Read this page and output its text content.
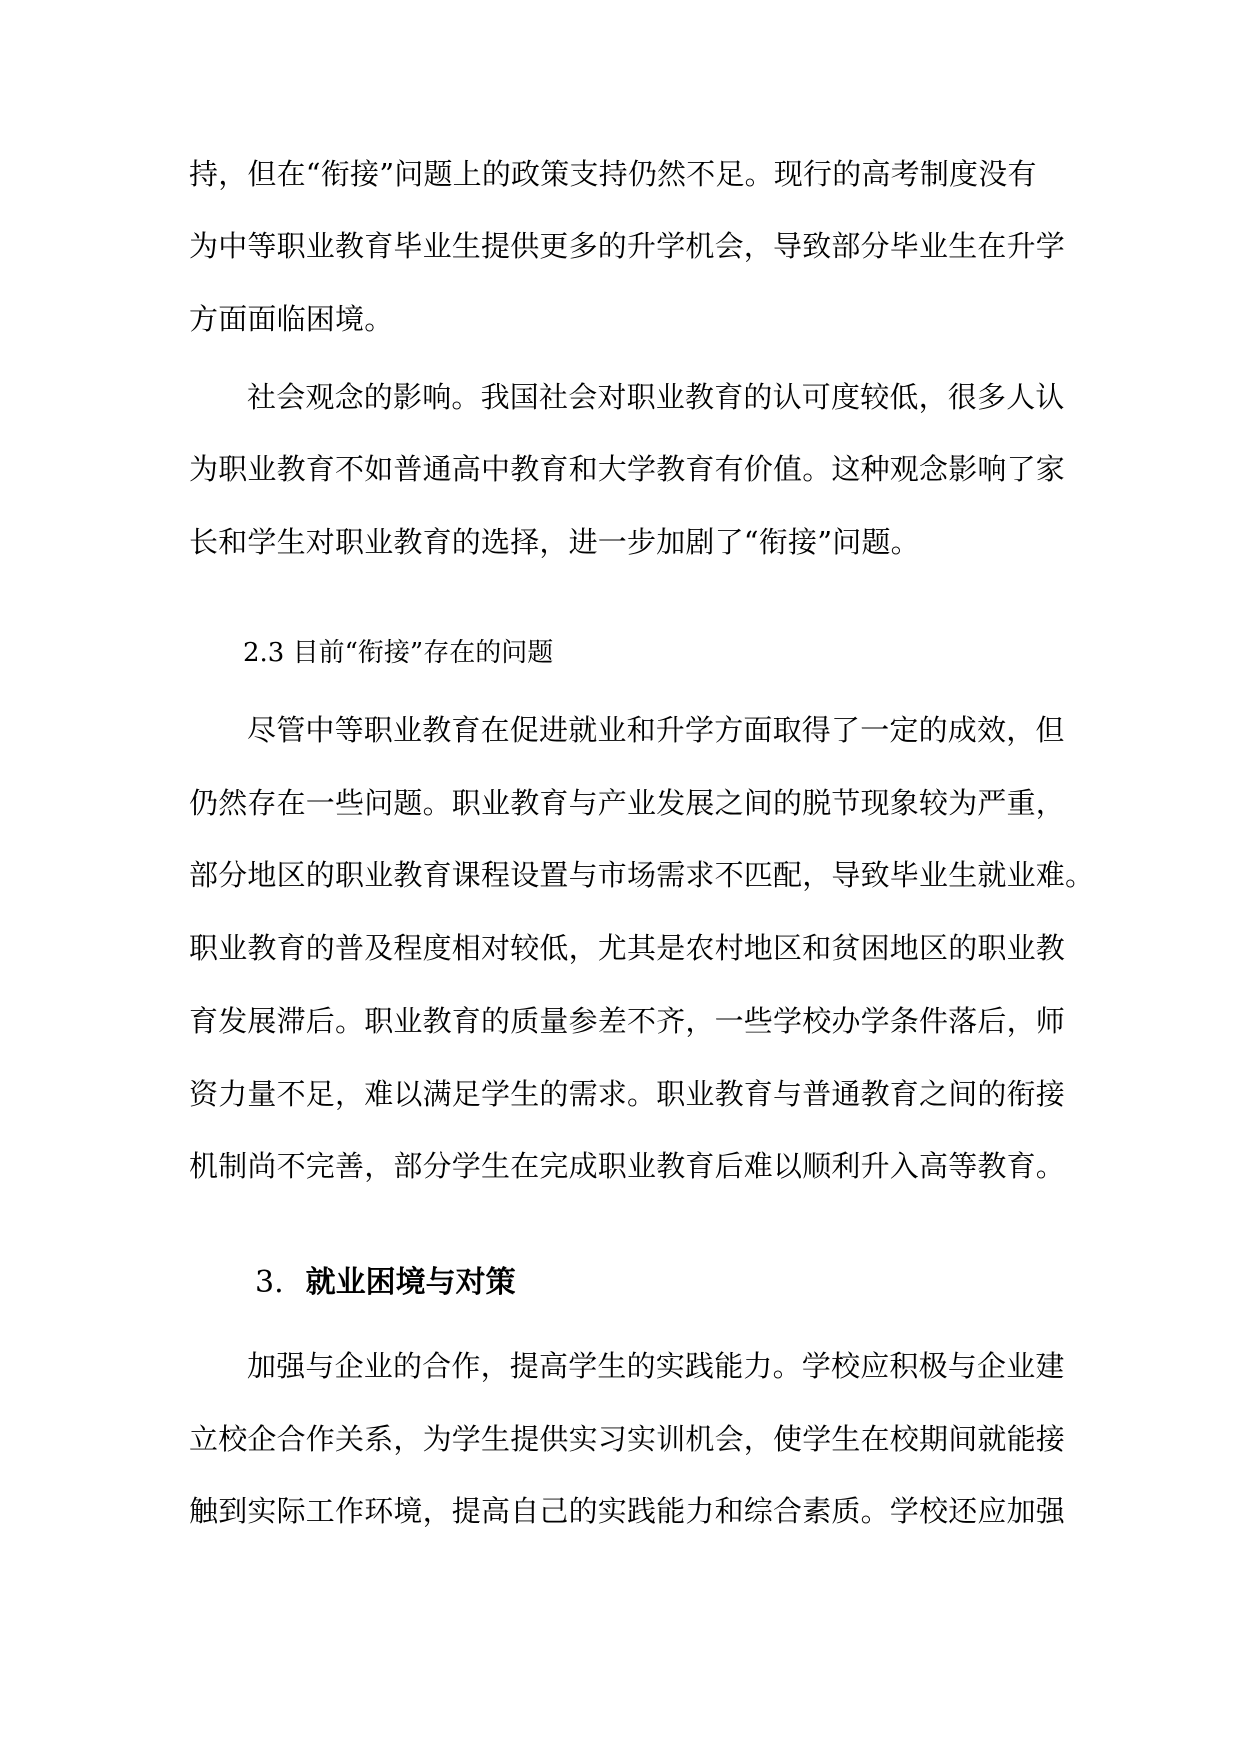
持，但在“衔接”问题上的政策支持仍然不足。现行的高考制度没有
为中等职业教育毕业生提供更多的升学机会，导致部分毕业生在升学
方面面临困境。
社会观念的影响。我国社会对职业教育的认可度较低，很多人认
为职业教育不如普通高中教育和大学教育有价值。这种观念影响了家
长和学生对职业教育的选择，进一步加剧了“衔接”问题。
2.3 目前“衔接”存在的问题
尽管中等职业教育在促进就业和升学方面取得了一定的成效，但
仍然存在一些问题。职业教育与产业发展之间的脱节现象较为严重，
部分地区的职业教育课程设置与市场需求不匹配，导致毕业生就业难。
职业教育的普及程度相对较低，尤其是农村地区和贫困地区的职业教
育发展滞后。职业教育的质量参差不齐，一些学校办学条件落后，师
资力量不足，难以满足学生的需求。职业教育与普通教育之间的衔接
机制尚不完善，部分学生在完成职业教育后难以顺利升入高等教育。
3. 就业困境与对策
加强与企业的合作，提高学生的实践能力。学校应积极与企业建
立校企合作关系，为学生提供实习实训机会，使学生在校期间就能接
触到实际工作环境，提高自己的实践能力和综合素质。学校还应加强
